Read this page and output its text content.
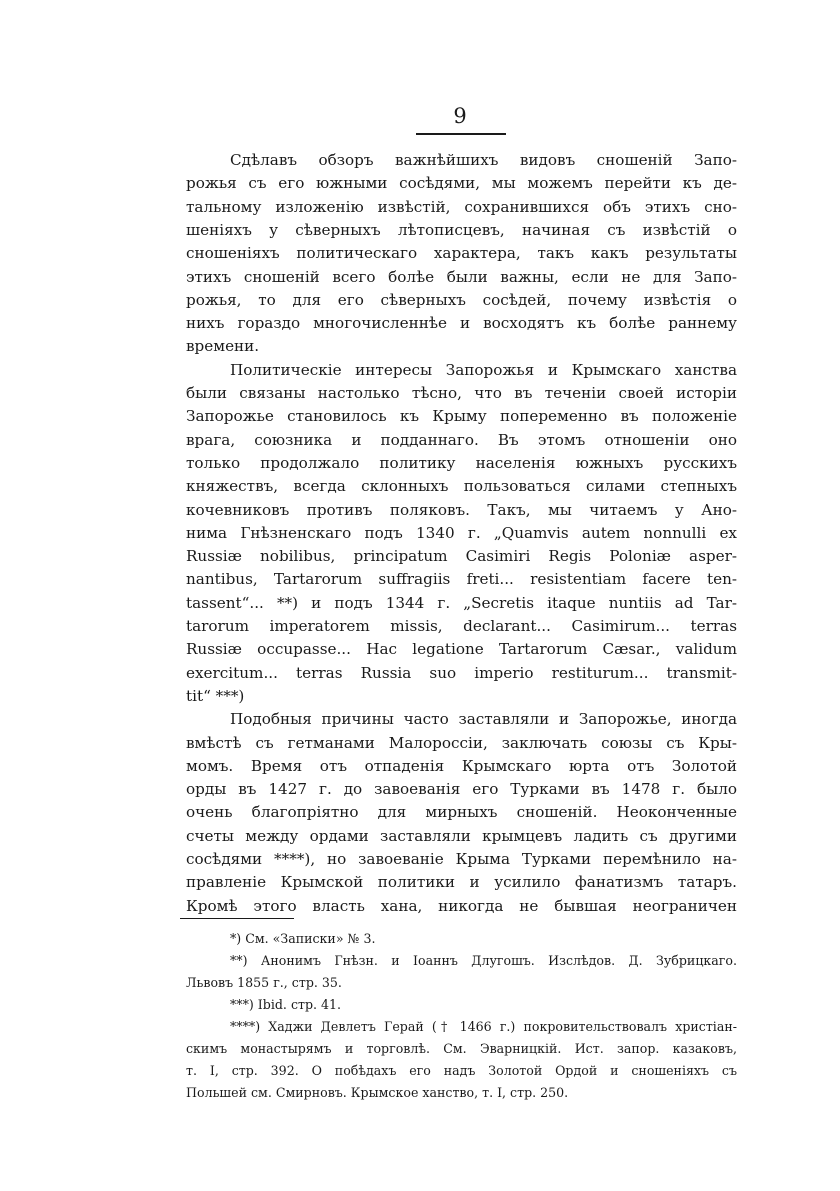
9
Сдѣлавъ обзоръ важнѣйшихъ видовъ сношеній Запо-
рожья съ его южными сосѣдями, мы можемъ перейти къ де-
тальному изложенію извѣстій, сохранившихся объ этихъ сно-
шеніяхъ у сѣверныхъ лѣтописцевъ, начиная съ извѣстій о
сношеніяхъ политическаго характера, такъ какъ результаты
этихъ сношеній всего болѣе были важны, если не для Запо-
рожья, то для его сѣверныхъ сосѣдей, почему извѣстія о
нихъ гораздо многочисленнѣе и восходятъ къ болѣе раннему
времени.
Политическіе интересы Запорожья и Крымскаго ханства
были связаны настолько тѣсно, что въ теченіи своей исторіи
Запорожье становилось къ Крыму попеременно въ положеніе
врага, союзника и подданнаго. Въ этомъ отношеніи оно
только продолжало политику населенія южныхъ русскихъ
княжествъ, всегда склонныхъ пользоваться силами степныхъ
кочевниковъ противъ поляковъ. Такъ, мы читаемъ у Ано-
нима Гнѣзненскаго подъ 1340 г. „Quamvis autem nonnulli ex
Russiæ nobilibus, principatum Casimiri Regis Poloniæ asper-
nantibus, Tartarorum suffragiis freti... resistentiam facere ten-
tassent“... **) и подъ 1344 г. „Secretis itaque nuntiis ad Tar-
tarorum imperatorem missis, declarant... Casimirum... terras
Russiæ occupasse... Hac legatione Tartarorum Cæsar., validum
exercitum... terras Russia suo imperio restiturum... transmit-
tit“ ***)
Подобныя причины часто заставляли и Запорожье, иногда
вмѣстѣ съ гетманами Малороссіи, заключать союзы съ Кры-
момъ. Время отъ отпаденія Крымскаго юрта отъ Золотой
орды въ 1427 г. до завоеванія его Турками въ 1478 г. было
очень благопріятно для мирныхъ сношеній. Неоконченные
счеты между ордами заставляли крымцевъ ладить съ другими
сосѣдями ****), но завоеваніе Крыма Турками перемѣнило на-
правленіе Крымской политики и усилило фанатизмъ татаръ.
Кромѣ этого власть хана, никогда не бывшая неограничен
*) См. «Записки» № 3.
**) Анонимъ Гнѣзн. и Іоаннъ Длугошъ. Изслѣдов. Д. Зубрицкаго.
Львовъ 1855 г., стр. 35.
***) Ibid. стр. 41.
****) Хаджи Девлетъ Герай († 1466 г.) покровительствовалъ христіан-
скимъ монастырямъ и торговлѣ. См. Эварницкій. Ист. запор. казаковъ,
т. I, стр. 392. О побѣдахъ его надъ Золотой Ордой и сношеніяхъ съ
Польшей см. Смирновъ. Крымское ханство, т. I, стр. 250.
